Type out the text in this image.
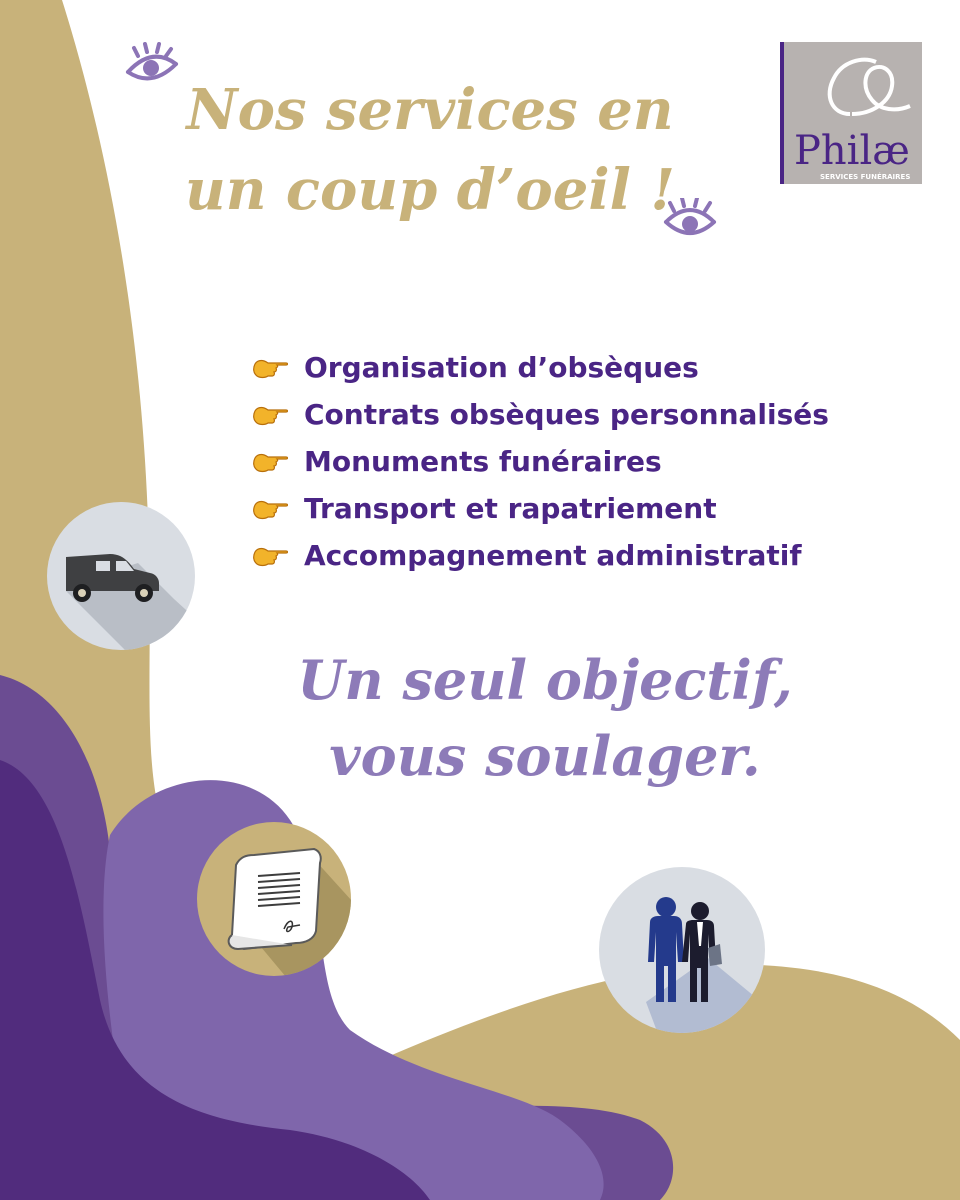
Nos services en
un coup d’oeil !
Philæ
SERVICES FUNÉRAIRES
Organisation d’obsèques
Contrats obsèques personnalisés
Monuments funéraires
Transport et rapatriement
Accompagnement administratif

Un seul objectif,
vous soulager.
